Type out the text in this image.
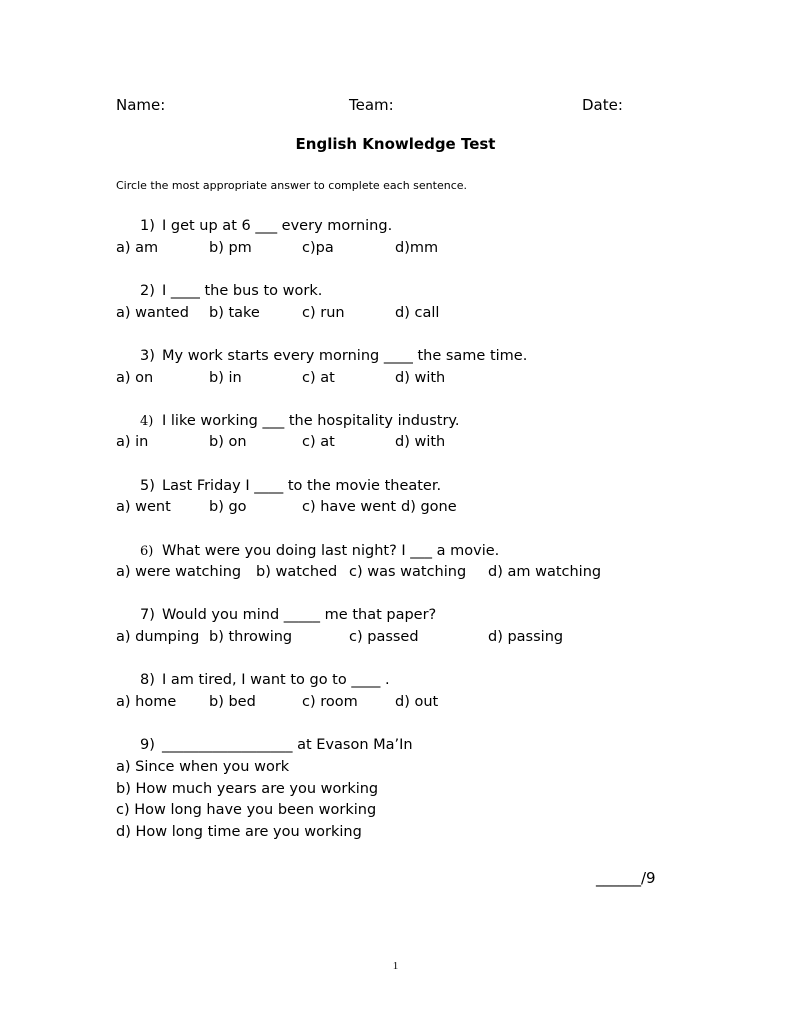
Name:	Team:	Date:
English Knowledge Test
Circle the most appropriate answer to complete each sentence.
1) I get up at 6 ___ every morning.
a) am	b) pm	c)pa	d)mm
2) I ____ the bus to work.
a) wanted b) take	c) run	d) call
3) My work starts every morning ____ the same time.
a) on	b) in	c) at	d) with
4) I like working ___ the hospitality industry.
a) in	b) on	c) at	d) with
5) Last Friday I ____ to the movie theater.
a) went	b) go	c) have went d) gone
6) What were you doing last night? I ___ a movie.
a) were watching b) watched c) was watching d) am watching
7) Would you mind _____ me that paper?
a) dumping b) throwing	c) passed	d) passing
8) I am tired, I want to go to ____ .
a) home b) bed	c) room	d) out
9) __________________ at Evason Ma’In
a) Since when you work
b) How much years are you working
c) How long have you been working
d) How long time are you working
______/9
1
